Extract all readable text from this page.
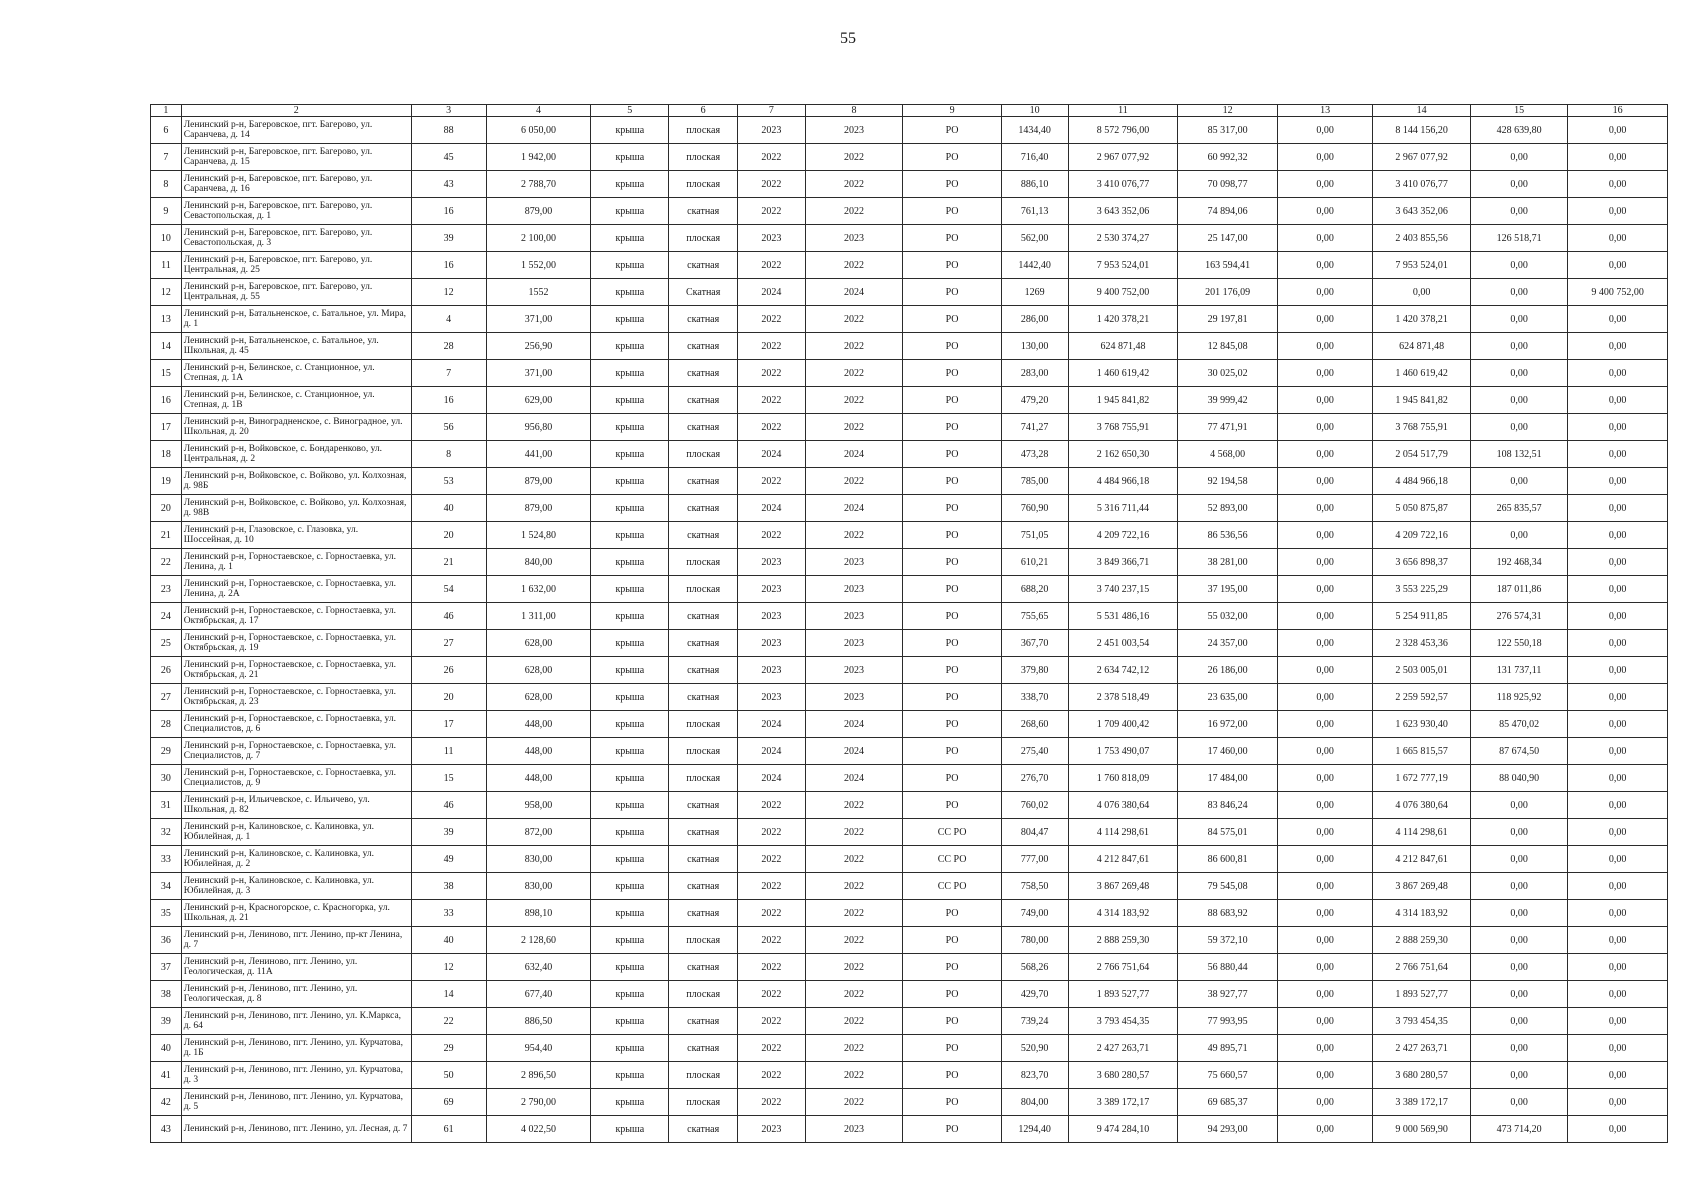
55
1	2	3	4	5	6	7	8	9	10	11	12	13	14	15	16
6	Ленинский р-н, Багеровское, пгт. Багерово, ул. Саранчева, д. 14	88	6 050,00	крыша	плоская	2023	2023	РО	1434,40	8 572 796,00	85 317,00	0,00	8 144 156,20	428 639,80	0,00
7	Ленинский р-н, Багеровское, пгт. Багерово, ул. Саранчева, д. 15	45	1 942,00	крыша	плоская	2022	2022	РО	716,40	2 967 077,92	60 992,32	0,00	2 967 077,92	0,00	0,00
8	Ленинский р-н, Багеровское, пгт. Багерово, ул. Саранчева, д. 16	43	2 788,70	крыша	плоская	2022	2022	РО	886,10	3 410 076,77	70 098,77	0,00	3 410 076,77	0,00	0,00
9	Ленинский р-н, Багеровское, пгт. Багерово, ул. Севастопольская, д. 1	16	879,00	крыша	скатная	2022	2022	РО	761,13	3 643 352,06	74 894,06	0,00	3 643 352,06	0,00	0,00
10	Ленинский р-н, Багеровское, пгт. Багерово, ул. Севастопольская, д. 3	39	2 100,00	крыша	плоская	2023	2023	РО	562,00	2 530 374,27	25 147,00	0,00	2 403 855,56	126 518,71	0,00
11	Ленинский р-н, Багеровское, пгт. Багерово, ул. Центральная, д. 25	16	1 552,00	крыша	скатная	2022	2022	РО	1442,40	7 953 524,01	163 594,41	0,00	7 953 524,01	0,00	0,00
12	Ленинский р-н, Багеровское, пгт. Багерово, ул. Центральная, д. 55	12	1552	крыша	Скатная	2024	2024	РО	1269	9 400 752,00	201 176,09	0,00	0,00	0,00	9 400 752,00
13	Ленинский р-н, Батальненское, с. Батальное, ул. Мира, д. 1	4	371,00	крыша	скатная	2022	2022	РО	286,00	1 420 378,21	29 197,81	0,00	1 420 378,21	0,00	0,00
14	Ленинский р-н, Батальненское, с. Батальное, ул. Школьная, д. 45	28	256,90	крыша	скатная	2022	2022	РО	130,00	624 871,48	12 845,08	0,00	624 871,48	0,00	0,00
15	Ленинский р-н, Белинское, с. Станционное, ул. Степная, д. 1А	7	371,00	крыша	скатная	2022	2022	РО	283,00	1 460 619,42	30 025,02	0,00	1 460 619,42	0,00	0,00
16	Ленинский р-н, Белинское, с. Станционное, ул. Степная, д. 1В	16	629,00	крыша	скатная	2022	2022	РО	479,20	1 945 841,82	39 999,42	0,00	1 945 841,82	0,00	0,00
17	Ленинский р-н, Виноградненское, с. Виноградное, ул. Школьная, д. 20	56	956,80	крыша	скатная	2022	2022	РО	741,27	3 768 755,91	77 471,91	0,00	3 768 755,91	0,00	0,00
18	Ленинский р-н, Войковское, с. Бондаренково, ул. Центральная, д. 2	8	441,00	крыша	плоская	2024	2024	РО	473,28	2 162 650,30	4 568,00	0,00	2 054 517,79	108 132,51	0,00
19	Ленинский р-н, Войковское, с. Войково, ул. Колхозная, д. 98Б	53	879,00	крыша	скатная	2022	2022	РО	785,00	4 484 966,18	92 194,58	0,00	4 484 966,18	0,00	0,00
20	Ленинский р-н, Войковское, с. Войково, ул. Колхозная, д. 98В	40	879,00	крыша	скатная	2024	2024	РО	760,90	5 316 711,44	52 893,00	0,00	5 050 875,87	265 835,57	0,00
21	Ленинский р-н, Глазовское, с. Глазовка, ул. Шоссейная, д. 10	20	1 524,80	крыша	скатная	2022	2022	РО	751,05	4 209 722,16	86 536,56	0,00	4 209 722,16	0,00	0,00
22	Ленинский р-н, Горностаевское, с. Горностаевка, ул. Ленина, д. 1	21	840,00	крыша	плоская	2023	2023	РО	610,21	3 849 366,71	38 281,00	0,00	3 656 898,37	192 468,34	0,00
23	Ленинский р-н, Горностаевское, с. Горностаевка, ул. Ленина, д. 2А	54	1 632,00	крыша	плоская	2023	2023	РО	688,20	3 740 237,15	37 195,00	0,00	3 553 225,29	187 011,86	0,00
24	Ленинский р-н, Горностаевское, с. Горностаевка, ул. Октябрьская, д. 17	46	1 311,00	крыша	скатная	2023	2023	РО	755,65	5 531 486,16	55 032,00	0,00	5 254 911,85	276 574,31	0,00
25	Ленинский р-н, Горностаевское, с. Горностаевка, ул. Октябрьская, д. 19	27	628,00	крыша	скатная	2023	2023	РО	367,70	2 451 003,54	24 357,00	0,00	2 328 453,36	122 550,18	0,00
26	Ленинский р-н, Горностаевское, с. Горностаевка, ул. Октябрьская, д. 21	26	628,00	крыша	скатная	2023	2023	РО	379,80	2 634 742,12	26 186,00	0,00	2 503 005,01	131 737,11	0,00
27	Ленинский р-н, Горностаевское, с. Горностаевка, ул. Октябрьская, д. 23	20	628,00	крыша	скатная	2023	2023	РО	338,70	2 378 518,49	23 635,00	0,00	2 259 592,57	118 925,92	0,00
28	Ленинский р-н, Горностаевское, с. Горностаевка, ул. Специалистов, д. 6	17	448,00	крыша	плоская	2024	2024	РО	268,60	1 709 400,42	16 972,00	0,00	1 623 930,40	85 470,02	0,00
29	Ленинский р-н, Горностаевское, с. Горностаевка, ул. Специалистов, д. 7	11	448,00	крыша	плоская	2024	2024	РО	275,40	1 753 490,07	17 460,00	0,00	1 665 815,57	87 674,50	0,00
30	Ленинский р-н, Горностаевское, с. Горностаевка, ул. Специалистов, д. 9	15	448,00	крыша	плоская	2024	2024	РО	276,70	1 760 818,09	17 484,00	0,00	1 672 777,19	88 040,90	0,00
31	Ленинский р-н, Ильичевское, с. Ильичево, ул. Школьная, д. 82	46	958,00	крыша	скатная	2022	2022	РО	760,02	4 076 380,64	83 846,24	0,00	4 076 380,64	0,00	0,00
32	Ленинский р-н, Калиновское, с. Калиновка, ул. Юбилейная, д. 1	39	872,00	крыша	скатная	2022	2022	СС РО	804,47	4 114 298,61	84 575,01	0,00	4 114 298,61	0,00	0,00
33	Ленинский р-н, Калиновское, с. Калиновка, ул. Юбилейная, д. 2	49	830,00	крыша	скатная	2022	2022	СС РО	777,00	4 212 847,61	86 600,81	0,00	4 212 847,61	0,00	0,00
34	Ленинский р-н, Калиновское, с. Калиновка, ул. Юбилейная, д. 3	38	830,00	крыша	скатная	2022	2022	СС РО	758,50	3 867 269,48	79 545,08	0,00	3 867 269,48	0,00	0,00
35	Ленинский р-н, Красногорское, с. Красногорка, ул. Школьная, д. 21	33	898,10	крыша	скатная	2022	2022	РО	749,00	4 314 183,92	88 683,92	0,00	4 314 183,92	0,00	0,00
36	Ленинский р-н, Лениново, пгт. Ленино, пр-кт Ленина, д. 7	40	2 128,60	крыша	плоская	2022	2022	РО	780,00	2 888 259,30	59 372,10	0,00	2 888 259,30	0,00	0,00
37	Ленинский р-н, Лениново, пгт. Ленино, ул. Геологическая, д. 11А	12	632,40	крыша	скатная	2022	2022	РО	568,26	2 766 751,64	56 880,44	0,00	2 766 751,64	0,00	0,00
38	Ленинский р-н, Лениново, пгт. Ленино, ул. Геологическая, д. 8	14	677,40	крыша	плоская	2022	2022	РО	429,70	1 893 527,77	38 927,77	0,00	1 893 527,77	0,00	0,00
39	Ленинский р-н, Лениново, пгт. Ленино, ул. К.Маркса, д. 64	22	886,50	крыша	скатная	2022	2022	РО	739,24	3 793 454,35	77 993,95	0,00	3 793 454,35	0,00	0,00
40	Ленинский р-н, Лениново, пгт. Ленино, ул. Курчатова, д. 1Б	29	954,40	крыша	скатная	2022	2022	РО	520,90	2 427 263,71	49 895,71	0,00	2 427 263,71	0,00	0,00
41	Ленинский р-н, Лениново, пгт. Ленино, ул. Курчатова, д. 3	50	2 896,50	крыша	плоская	2022	2022	РО	823,70	3 680 280,57	75 660,57	0,00	3 680 280,57	0,00	0,00
42	Ленинский р-н, Лениново, пгт. Ленино, ул. Курчатова, д. 5	69	2 790,00	крыша	плоская	2022	2022	РО	804,00	3 389 172,17	69 685,37	0,00	3 389 172,17	0,00	0,00
43	Ленинский р-н, Лениново, пгт. Ленино, ул. Лесная, д. 7	61	4 022,50	крыша	скатная	2023	2023	РО	1294,40	9 474 284,10	94 293,00	0,00	9 000 569,90	473 714,20	0,00
